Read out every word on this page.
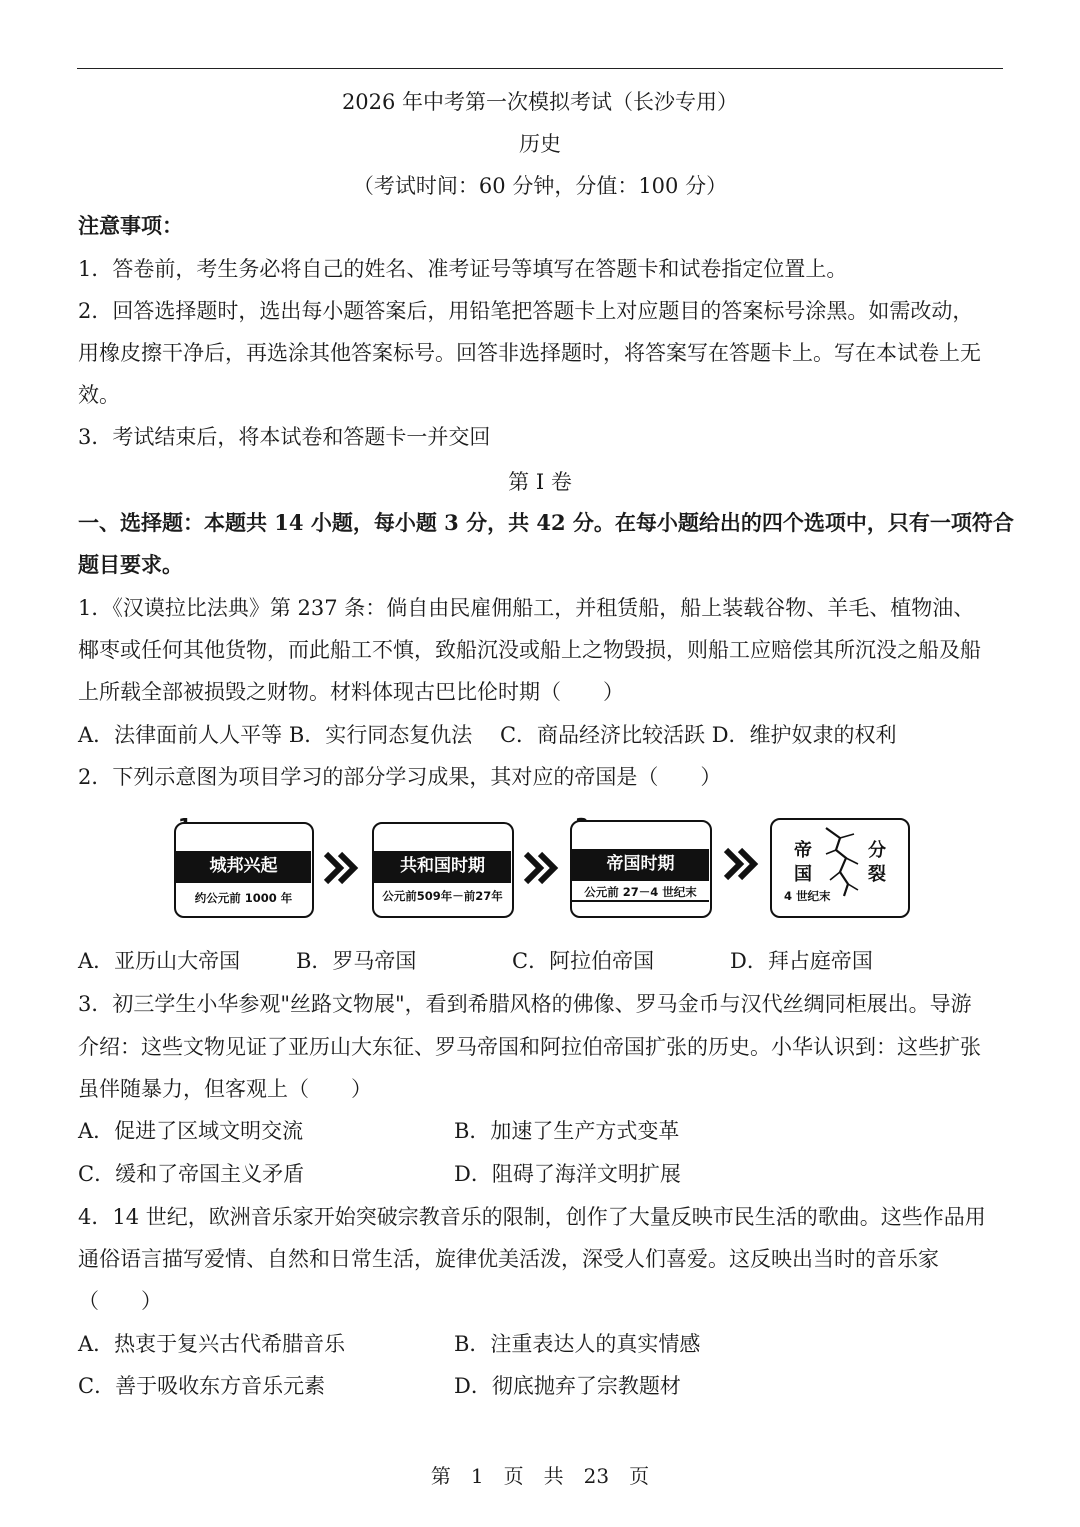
2026 年中考第一次模拟考试（长沙专用）
历史
（考试时间：60 分钟，分值：100 分）
注意事项：
1．答卷前，考生务必将自己的姓名、准考证号等填写在答题卡和试卷指定位置上。
2．回答选择题时，选出每小题答案后，用铅笔把答题卡上对应题目的答案标号涂黑。如需改动，
用橡皮擦干净后，再选涂其他答案标号。回答非选择题时，将答案写在答题卡上。写在本试卷上无
效。
3．考试结束后，将本试卷和答题卡一并交回
第 I 卷
一、选择题：本题共 14 小题，每小题 3 分，共 42 分。在每小题给出的四个选项中，只有一项符合
题目要求。
1．《汉谟拉比法典》第 237 条：倘自由民雇佣船工，并租赁船，船上装载谷物、羊毛、植物油、
椰枣或任何其他货物，而此船工不慎，致船沉没或船上之物毁损，则船工应赔偿其所沉没之船及船
上所载全部被损毁之财物。材料体现古巴比伦时期（　　）
A．法律面前人人平等 B．实行同态复仇法　 C．商品经济比较活跃 D．维护奴隶的权利
2．下列示意图为项目学习的部分学习成果，其对应的帝国是（　　）
城邦兴起
约公元前 1000 年
共和国时期
公元前509年－前27年
帝国时期
公元前 27－4 世纪末
帝
国
分
裂
4 世纪末
A．亚历山大帝国	B．罗马帝国	C．阿拉伯帝国	D．拜占庭帝国
3．初三学生小华参观"丝路文物展"，看到希腊风格的佛像、罗马金币与汉代丝绸同柜展出。导游
介绍：这些文物见证了亚历山大东征、罗马帝国和阿拉伯帝国扩张的历史。小华认识到：这些扩张
虽伴随暴力，但客观上（　　）
A．促进了区域文明交流	B．加速了生产方式变革
C．缓和了帝国主义矛盾	D．阻碍了海洋文明扩展
4．14 世纪，欧洲音乐家开始突破宗教音乐的限制，创作了大量反映市民生活的歌曲。这些作品用
通俗语言描写爱情、自然和日常生活，旋律优美活泼，深受人们喜爱。这反映出当时的音乐家
（　　）
A．热衷于复兴古代希腊音乐	B．注重表达人的真实情感
C．善于吸收东方音乐元素	D．彻底抛弃了宗教题材
第　1　页　共　23　页
